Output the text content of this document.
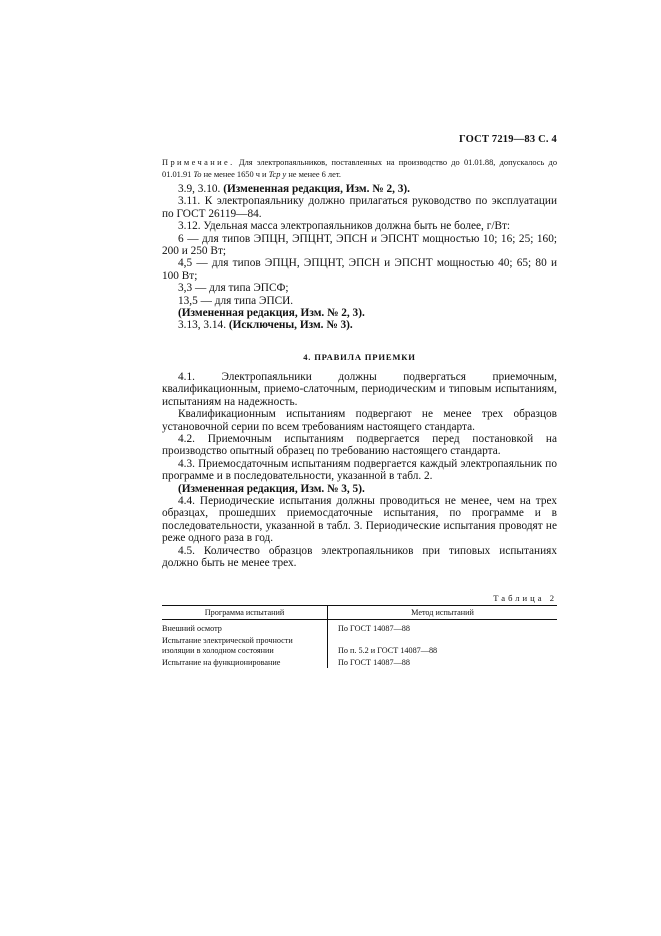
ГОСТ 7219—83 С. 4
Примечание. Для электропаяльников, поставленных на производство до 01.01.88, допускалось до 01.01.91 To не менее 1650 ч и Tcp y не менее 6 лет.

3.9, 3.10. (Измененная редакция, Изм. № 2, 3).

3.11. К электропаяльнику должно прилагаться руководство по эксплуатации по ГОСТ 26119—84.

3.12. Удельная масса электропаяльников должна быть не более, г/Вт:

6 — для типов ЭПЦН, ЭПЦНТ, ЭПСН и ЭПСНТ мощностью 10; 16; 25; 160; 200 и 250 Вт;

4,5 — для типов ЭПЦН, ЭПЦНТ, ЭПСН и ЭПСНТ мощностью 40; 65; 80 и 100 Вт;

3,3 — для типа ЭПСФ;

13,5 — для типа ЭПСИ.

(Измененная редакция, Изм. № 2, 3).

3.13, 3.14. (Исключены, Изм. № 3).

4. ПРАВИЛА ПРИЕМКИ

4.1. Электропаяльники должны подвергаться приемочным, квалификационным, приемо-слаточным, периодическим и типовым испытаниям, испытаниям на надежность.

Квалификационным испытаниям подвергают не менее трех образцов установочной серии по всем требованиям настоящего стандарта.

4.2. Приемочным испытаниям подвергается перед постановкой на производство опытный образец по требованию настоящего стандарта.

4.3. Приемосдаточным испытаниям подвергается каждый электропаяльник по программе и в последовательности, указанной в табл. 2.

(Измененная редакция, Изм. № 3, 5).

4.4. Периодические испытания должны проводиться не менее, чем на трех образцах, прошедших приемосдаточные испытания, по программе и в последовательности, указанной в табл. 3. Периодические испытания проводят не реже одного раза в год.

4.5. Количество образцов электропаяльников при типовых испытаниях должно быть не менее трех.

Таблица 2
Программа испытаний	Метод испытаний
Внешний осмотр	По ГОСТ 14087—88
Испытание электрической прочности изоляции в холодном состоянии	По п. 5.2 и ГОСТ 14087—88
Испытание на функционирование	По ГОСТ 14087—88
